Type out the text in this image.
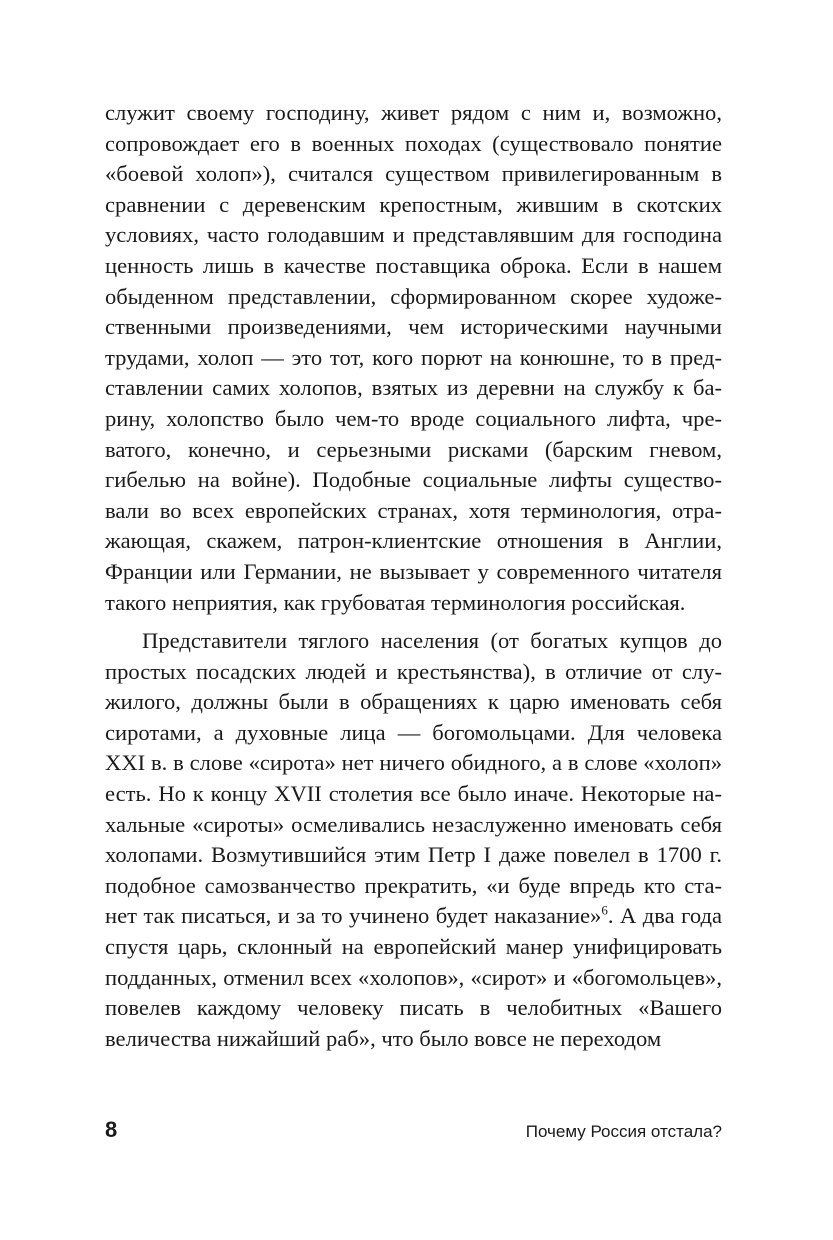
служит своему господину, живет рядом с ним и, возможно, сопровождает его в военных походах (существовало понятие «боевой холоп»), считался существом привилегированным в сравнении с деревенским крепостным, жившим в скотских условиях, часто голодавшим и представлявшим для господина ценность лишь в качестве поставщика оброка. Если в нашем обыденном представлении, сформированном скорее художественными произведениями, чем историческими научными трудами, холоп — это тот, кого порют на конюшне, то в представлении самих холопов, взятых из деревни на службу к барину, холопство было чем-то вроде социального лифта, чреватого, конечно, и серьезными рисками (барским гневом, гибелью на войне). Подобные социальные лифты существовали во всех европейских странах, хотя терминология, отражающая, скажем, патрон-клиентские отношения в Англии, Франции или Германии, не вызывает у современного читателя такого неприятия, как грубоватая терминология российская.

Представители тяглого населения (от богатых купцов до простых посадских людей и крестьянства), в отличие от служилого, должны были в обращениях к царю именовать себя сиротами, а духовные лица — богомольцами. Для человека XXI в. в слове «сирота» нет ничего обидного, а в слове «холоп» есть. Но к концу XVII столетия все было иначе. Некоторые нахальные «сироты» осмеливались незаслуженно именовать себя холопами. Возмутившийся этим Петр I даже повелел в 1700 г. подобное самозванчество прекратить, «и буде впредь кто станет так писаться, и за то учинено будет наказание»$^6$. А два года спустя царь, склонный на европейский манер унифицировать подданных, отменил всех «холопов», «сирот» и «богомольцев», повелев каждому человеку писать в челобитных «Вашего величества нижайший раб», что было вовсе не переходом

8	Почему Россия отстала?
